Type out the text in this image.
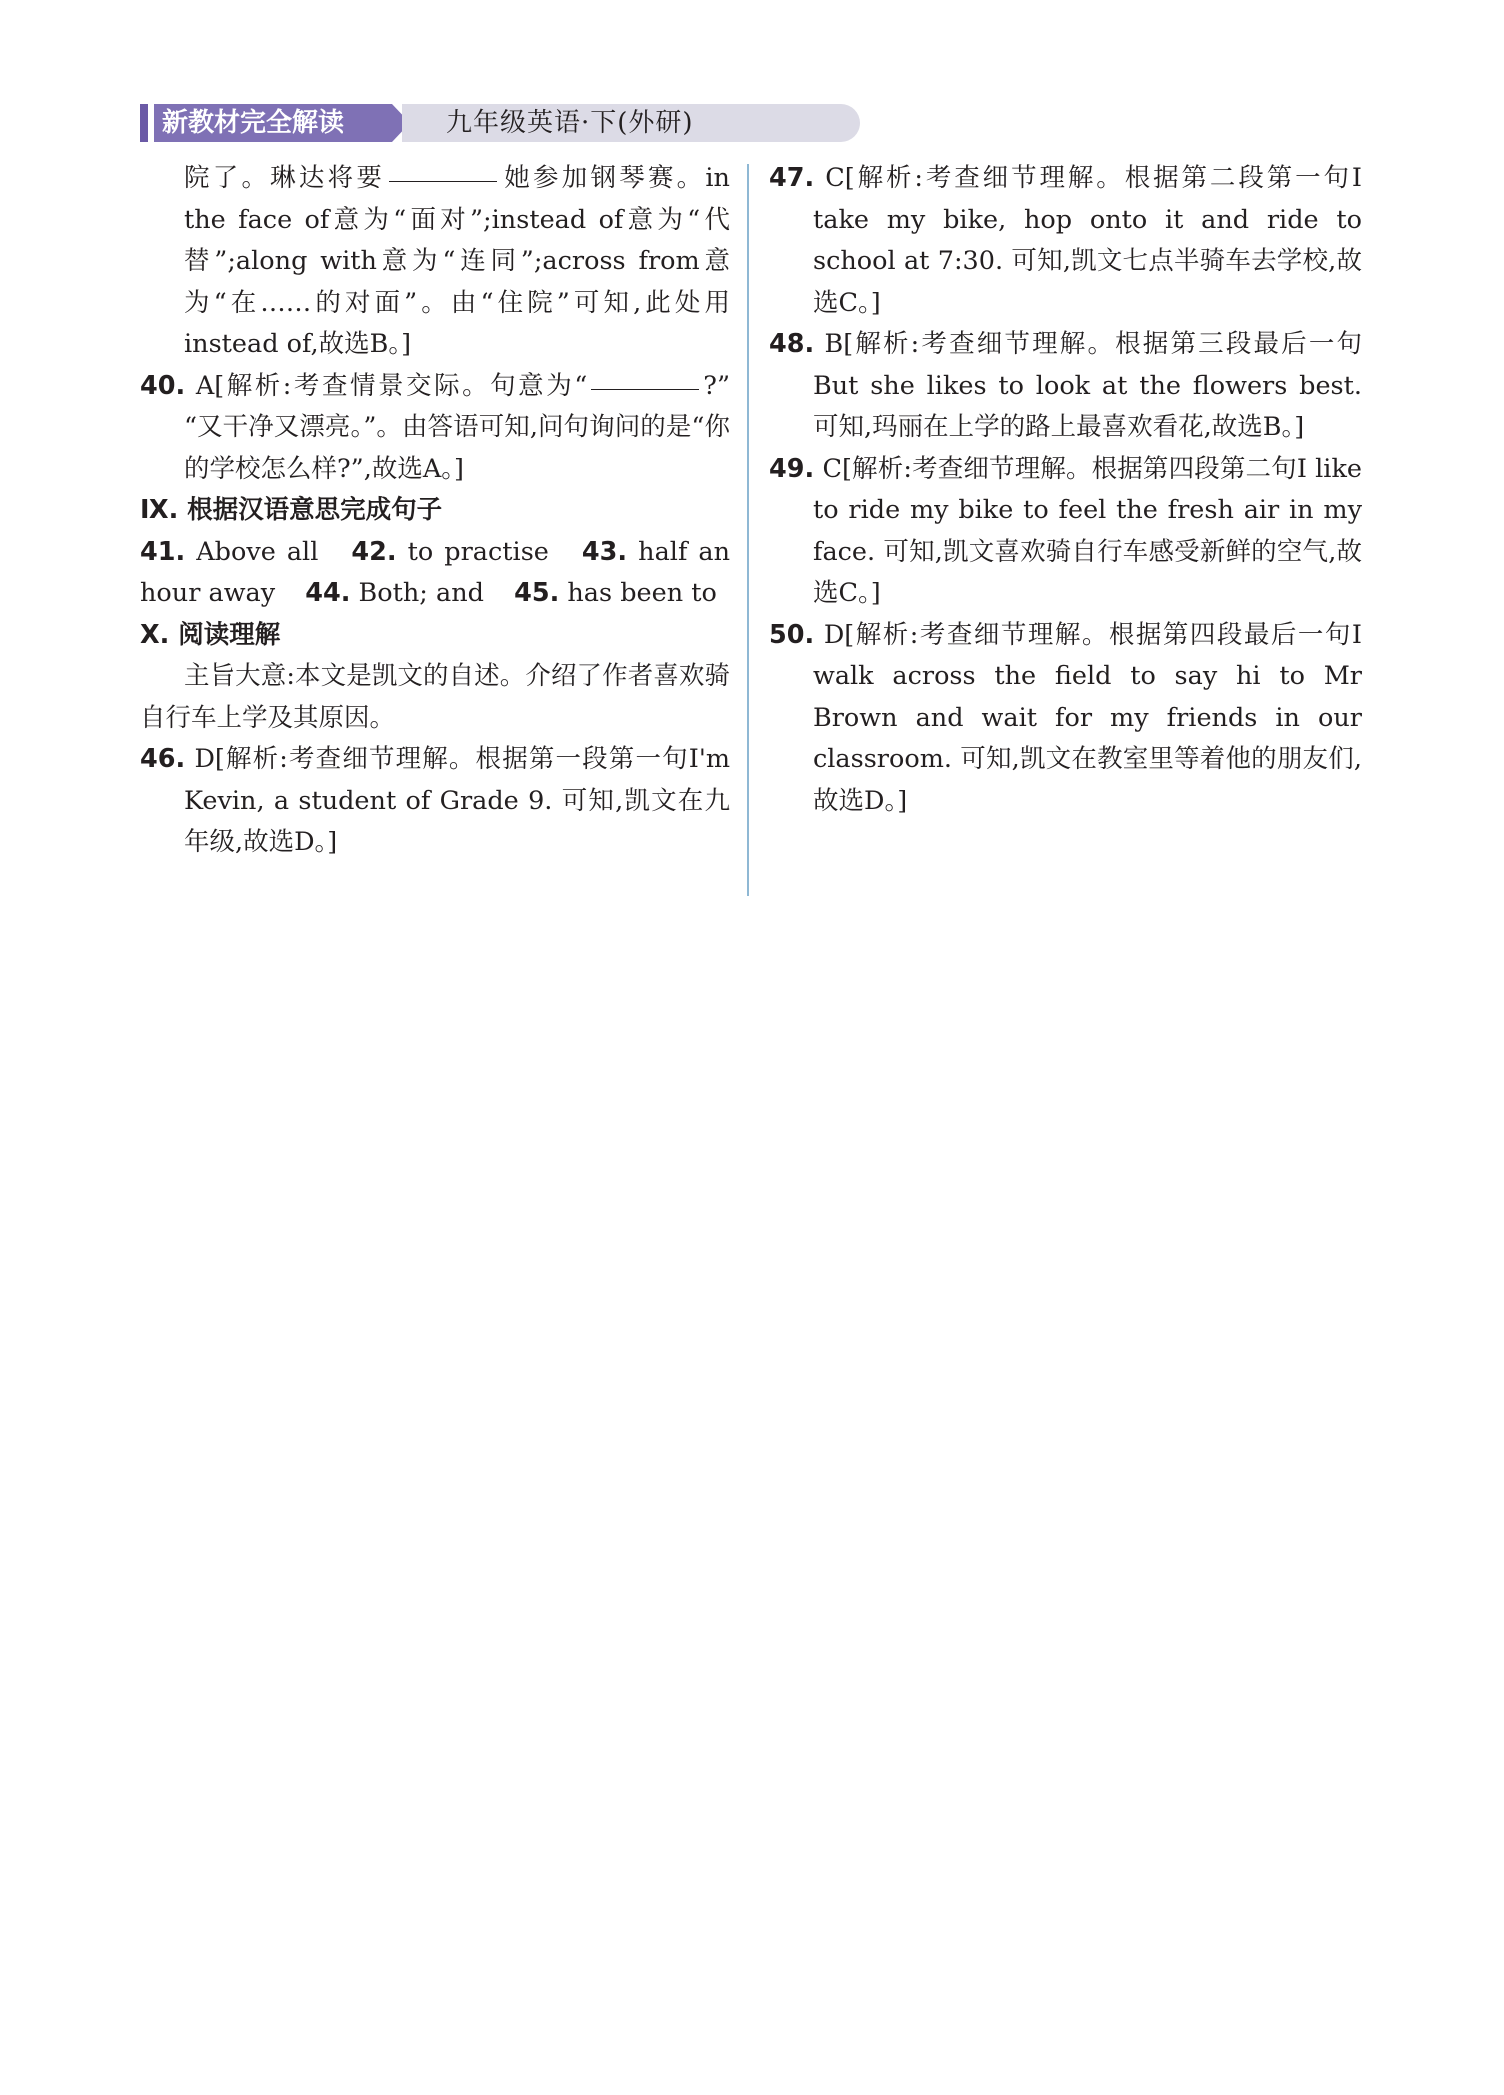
新教材完全解读	九年级英语·下(外研)

院了。琳达将要	她参加钢琴赛。in the face of意为“面对”;instead of意为“代替”;along with意为“连同”;across from意为“在……的对面”。由“住院”可知,此处用instead of,故选B。]

40. A[解析:考查情景交际。句意为“	?” “又干净又漂亮。”。由答语可知,问句询问的是“你的学校怎么样?”,故选A。]

Ⅸ. 根据汉语意思完成句子

41. Above all 42. to practise 43. half an hour away 44. Both; and 45. has been to

Ⅹ. 阅读理解

主旨大意:本文是凯文的自述。介绍了作者喜欢骑自行车上学及其原因。

46. D[解析:考查细节理解。根据第一段第一句I'm Kevin, a student of Grade 9. 可知,凯文在九年级,故选D。]

47. C[解析:考查细节理解。根据第二段第一句I take my bike, hop onto it and ride to school at 7:30. 可知,凯文七点半骑车去学校,故选C。]

48. B[解析:考查细节理解。根据第三段最后一句But she likes to look at the flowers best. 可知,玛丽在上学的路上最喜欢看花,故选B。]

49. C[解析:考查细节理解。根据第四段第二句I like to ride my bike to feel the fresh air in my face. 可知,凯文喜欢骑自行车感受新鲜的空气,故选C。]

50. D[解析:考查细节理解。根据第四段最后一句I walk across the field to say hi to Mr Brown and wait for my friends in our classroom. 可知,凯文在教室里等着他的朋友们,故选D。]
